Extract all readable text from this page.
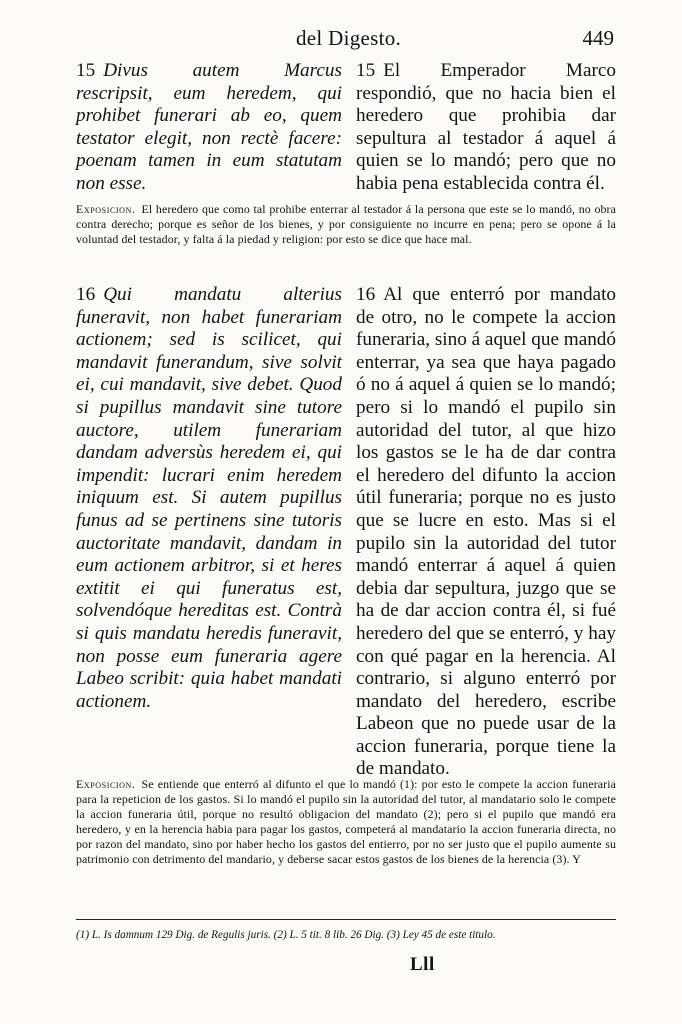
del Digesto.	449

15 Divus autem Marcus rescripsit, eum heredem, qui prohibet funerari ab eo, quem testator elegit, non rectè facere: poenam tamen in eum statutam non esse.

15 El Emperador Marco respondió, que no hacia bien el heredero que prohibia dar sepultura al testador á aquel á quien se lo mandó; pero que no habia pena establecida contra él.

Exposicion. El heredero que como tal prohibe enterrar al testador á la persona que este se lo mandó, no obra contra derecho; porque es señor de los bienes, y por consiguiente no incurre en pena; pero se opone á la voluntad del testador, y falta á la piedad y religion: por esto se dice que hace mal.

16 Qui mandatu alterius funeravit, non habet funerariam actionem; sed is scilicet, qui mandavit funerandum, sive solvit ei, cui mandavit, sive debet. Quod si pupillus mandavit sine tutore auctore, utilem funerariam dandam adversùs heredem ei, qui impendit: lucrari enim heredem iniquum est. Si autem pupillus funus ad se pertinens sine tutoris auctoritate mandavit, dandam in eum actionem arbitror, si et heres extitit ei qui funeratus est, solvendóque hereditas est. Contrà si quis mandatu heredis funeravit, non posse eum funeraria agere Labeo scribit: quia habet mandati actionem.

16 Al que enterró por mandato de otro, no le compete la accion funeraria, sino á aquel que mandó enterrar, ya sea que haya pagado ó no á aquel á quien se lo mandó; pero si lo mandó el pupilo sin autoridad del tutor, al que hizo los gastos se le ha de dar contra el heredero del difunto la accion útil funeraria; porque no es justo que se lucre en esto. Mas si el pupilo sin la autoridad del tutor mandó enterrar á aquel á quien debia dar sepultura, juzgo que se ha de dar accion contra él, si fué heredero del que se enterró, y hay con qué pagar en la herencia. Al contrario, si alguno enterró por mandato del heredero, escribe Labeon que no puede usar de la accion funeraria, porque tiene la de mandato.

Exposicion. Se entiende que enterró al difunto el que lo mandó (1): por esto le compete la accion funeraria para la repeticion de los gastos. Si lo mandó el pupilo sin la autoridad del tutor, al mandatario solo le compete la accion funeraria útil, porque no resultó obligacion del mandato (2); pero si el pupilo que mandó era heredero, y en la herencia habia para pagar los gastos, competerá al mandatario la accion funeraria directa, no por razon del mandato, sino por haber hecho los gastos del entierro, por no ser justo que el pupilo aumente su patrimonio con detrimento del mandario, y deberse sacar estos gastos de los bienes de la herencia (3). Y

(1) L. Is damnum 129 Dig. de Regulis juris. (2) L. 5 tit. 8 lib. 26 Dig. (3) Ley 45 de este titulo.

Lll
